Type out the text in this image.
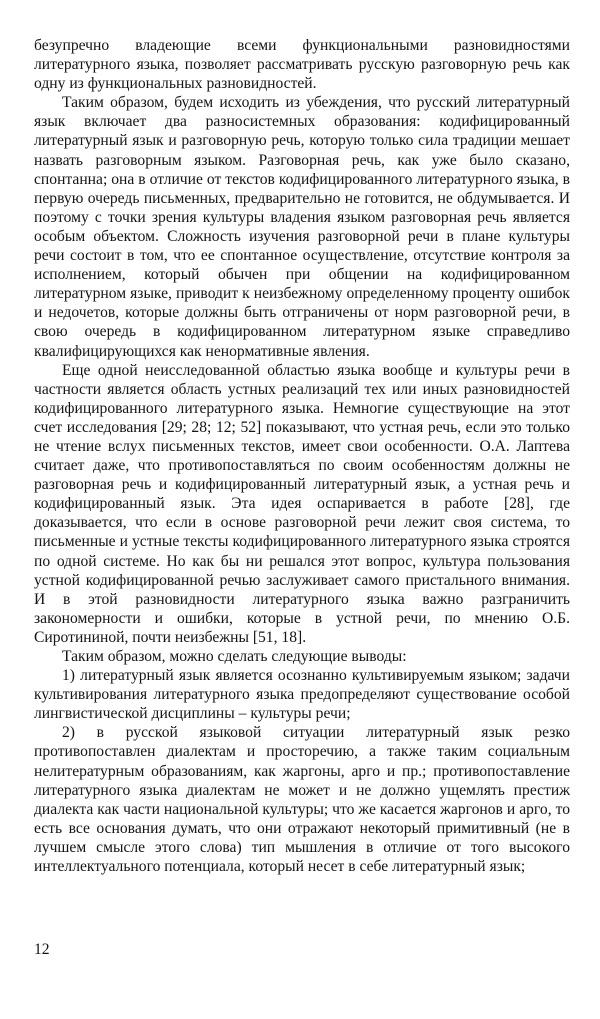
безупречно владеющие всеми функциональными разновидностями литературного языка, позволяет рассматривать русскую разговорную речь как одну из функциональных разновидностей.

Таким образом, будем исходить из убеждения, что русский литературный язык включает два разносистемных образования: кодифицированный литературный язык и разговорную речь, которую только сила традиции мешает назвать разговорным языком. Разговорная речь, как уже было сказано, спонтанна; она в отличие от текстов кодифицированного литературного языка, в первую очередь письменных, предварительно не готовится, не обдумывается. И поэтому с точки зрения культуры владения языком разговорная речь является особым объектом. Сложность изучения разговорной речи в плане культуры речи состоит в том, что ее спонтанное осуществление, отсутствие контроля за исполнением, который обычен при общении на кодифицированном литературном языке, приводит к неизбежному определенному проценту ошибок и недочетов, которые должны быть отграничены от норм разговорной речи, в свою очередь в кодифицированном литературном языке справедливо квалифицирующихся как ненормативные явления.

Еще одной неисследованной областью языка вообще и культуры речи в частности является область устных реализаций тех или иных разновидностей кодифицированного литературного языка. Немногие существующие на этот счет исследования [29; 28; 12; 52] показывают, что устная речь, если это только не чтение вслух письменных текстов, имеет свои особенности. О.А. Лаптева считает даже, что противопоставляться по своим особенностям должны не разговорная речь и кодифицированный литературный язык, а устная речь и кодифицированный язык. Эта идея оспаривается в работе [28], где доказывается, что если в основе разговорной речи лежит своя система, то письменные и устные тексты кодифицированного литературного языка строятся по одной системе. Но как бы ни решался этот вопрос, культура пользования устной кодифицированной речью заслуживает самого пристального внимания. И в этой разновидности литературного языка важно разграничить закономерности и ошибки, которые в устной речи, по мнению О.Б. Сиротининой, почти неизбежны [51, 18].

Таким образом, можно сделать следующие выводы:

1) литературный язык является осознанно культивируемым языком; задачи культивирования литературного языка предопределяют существование особой лингвистической дисциплины – культуры речи;

2) в русской языковой ситуации литературный язык резко противопоставлен диалектам и просторечию, а также таким социальным нелитературным образованиям, как жаргоны, арго и пр.; противопоставление литературного языка диалектам не может и не должно ущемлять престиж диалекта как части национальной культуры; что же касается жаргонов и арго, то есть все основания думать, что они отражают некоторый примитивный (не в лучшем смысле этого слова) тип мышления в отличие от того высокого интеллектуального потенциала, который несет в себе литературный язык;

12
